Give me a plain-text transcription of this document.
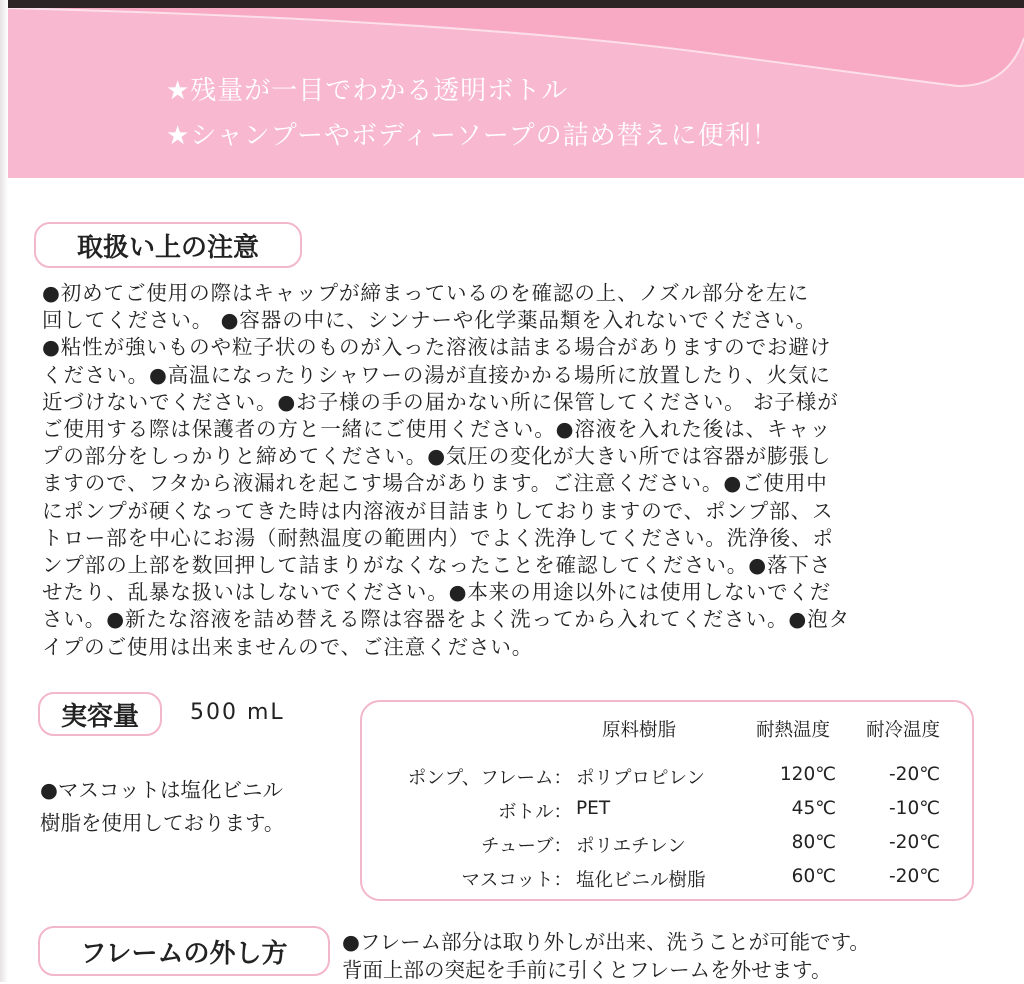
★残量が一目でわかる透明ボトル
★シャンプーやボディーソープの詰め替えに便利！
取扱い上の注意

●初めてご使用の際はキャップが締まっているのを確認の上、ノズル部分を左に

回してください。 ●容器の中に、シンナーや化学薬品類を入れないでください。

●粘性が強いものや粒子状のものが入った溶液は詰まる場合がありますのでお避け

ください。●高温になったりシャワーの湯が直接かかる場所に放置したり、火気に

近づけないでください。●お子様の手の届かない所に保管してください。 お子様が

ご使用する際は保護者の方と一緒にご使用ください。●溶液を入れた後は、キャッ

プの部分をしっかりと締めてください。●気圧の変化が大きい所では容器が膨張し

ますので、フタから液漏れを起こす場合があります。ご注意ください。●ご使用中

にポンプが硬くなってきた時は内溶液が目詰まりしておりますので、ポンプ部、ス

トロー部を中心にお湯（耐熱温度の範囲内）でよく洗浄してください。洗浄後、ポ

ンプ部の上部を数回押して詰まりがなくなったことを確認してください。●落下さ

せたり、乱暴な扱いはしないでください。●本来の用途以外には使用しないでくだ

さい。●新たな溶液を詰め替える際は容器をよく洗ってから入れてください。●泡タ

イプのご使用は出来ませんので、ご注意ください。

実容量	500 mL

●マスコットは塩化ビニル

樹脂を使用しております。

原料樹脂	耐熱温度 耐冷温度
ポンプ、フレーム： ポリプロピレン	120℃	-20℃
ボトル： PET	45℃	-10℃
チューブ： ポリエチレン	80℃	-20℃
マスコット： 塩化ビニル樹脂	60℃	-20℃
フレームの外し方	●フレーム部分は取り外しが出来、洗うことが可能です。

背面上部の突起を手前に引くとフレームを外せます。
